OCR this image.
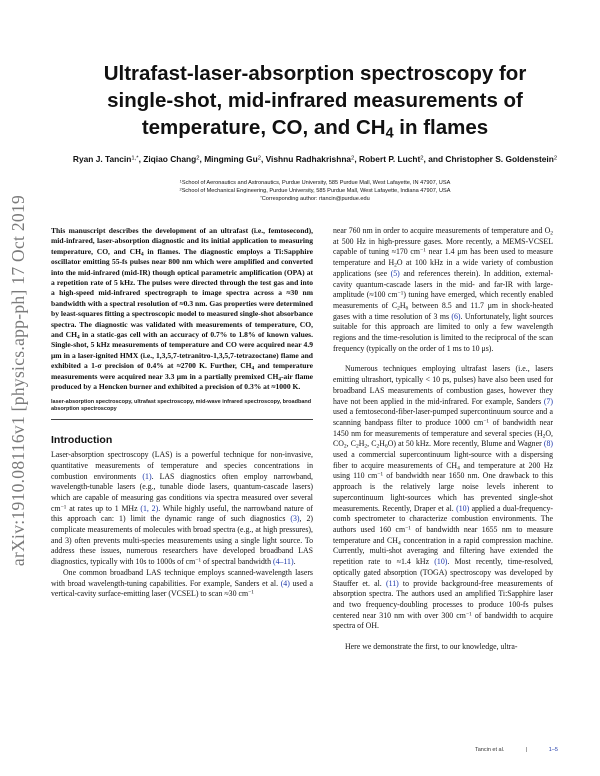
arXiv:1910.08116v1 [physics.app-ph] 17 Oct 2019
Ultrafast-laser-absorption spectroscopy for
single-shot, mid-infrared measurements of
temperature, CO, and $CH_4$ in flames
Ryan J. Tancin$^{1,*}$, Ziqiao Chang$^2$, Mingming Gu$^2$, Vishnu Radhakrishna$^2$, Robert P. Lucht$^2$, and Christopher S. Goldenstein$^2$
$^1$School of Aeronautics and Astronautics, Purdue University, 585 Purdue Mall, West Lafayette, IN 47907, USA
$^2$School of Mechanical Engineering, Purdue University, 585 Purdue Mall, West Lafayette, Indiana 47907, USA
*Corresponding author: rtancin@purdue.edu

This manuscript describes the development of an ultrafast (i.e., femtosecond), mid-infrared, laser-absorption diagnostic and its initial application to measuring temperature, CO, and $CH_4$ in flames. The diagnostic employs a Ti:Sapphire oscillator emitting 55-fs pulses near 800 nm which were amplified and converted into the mid-infrared (mid-IR) though optical parametric amplification (OPA) at a repetition rate of 5 kHz. The pulses were directed through the test gas and into a high-speed mid-infrared spectrograph to image spectra across a ≈30 nm bandwidth with a spectral resolution of ≈0.3 nm. Gas properties were determined by least-squares fitting a spectroscopic model to measured single-shot absorbance spectra. The diagnostic was validated with measurements of temperature, CO, and $CH_4$ in a static-gas cell with an accuracy of 0.7% to 1.8% of known values. Single-shot, 5 kHz measurements of temperature and CO were acquired near 4.9 μm in a laser-ignited HMX (i.e., 1,3,5,7-tetranitro-1,3,5,7-tetrazoctane) flame and exhibited a 1-σ precision of 0.4% at ≈2700 K. Further, $CH_4$ and temperature measurements were acquired near 3.3 μm in a partially premixed $CH_4$-air flame produced by a Hencken burner and exhibited a precision of 0.3% at ≈1000 K.

laser-absorption spectroscopy, ultrafast spectroscopy, mid-wave infrared spectroscopy, broadband absorption spectroscopy

Introduction

Laser-absorption spectroscopy (LAS) is a powerful technique for non-invasive, quantitative measurements of temperature and species concentrations in combustion environments (1). LAS diagnostics often employ narrowband, wavelength-tunable lasers (e.g., tunable diode lasers, quantum-cascade lasers) which are capable of measuring gas conditions via spectra measured over several $cm^{-1}$ at rates up to 1 MHz (1, 2). While highly useful, the narrowband nature of this approach can: 1) limit the dynamic range of such diagnostics (3), 2) complicate measurements of molecules with broad spectra (e.g., at high pressures), and 3) often prevents multi-species measurements using a single light source. To address these issues, numerous researchers have developed broadband LAS diagnostics, typically with 10s to 1000s of $cm^{-1}$ of spectral bandwidth (4–11).

One common broadband LAS technique employs scanned-wavelength lasers with broad wavelength-tuning capabilities. For example, Sanders et al. (4) used a vertical-cavity surface-emitting laser (VCSEL) to scan ≈30 $cm^{-1}$

near 760 nm in order to acquire measurements of temperature and $O_2$ at 500 Hz in high-pressure gases. More recently, a MEMS-VCSEL capable of tuning ≈170 $cm^{-1}$ near 1.4 μm has been used to measure temperature and $H_2O$ at 100 kHz in a wide variety of combustion applications (see (5) and references therein). In addition, external-cavity quantum-cascade lasers in the mid- and far-IR with large-amplitude (≈100 $cm^{-1}$) tuning have emerged, which recently enabled measurements of $C_2H_6$ between 8.5 and 11.7 μm in shock-heated gases with a time resolution of 3 ms (6). Unfortunately, light sources suitable for this approach are limited to only a few wavelength regions and the time-resolution is limited to the reciprocal of the scan frequency (typically on the order of 1 ms to 10 μs).

Numerous techniques employing ultrafast lasers (i.e., lasers emitting ultrashort, typically < 10 ps, pulses) have also been used for broadband LAS measurements of combustion gases, however they have not been applied in the mid-infrared. For example, Sanders (7) used a femtosecond-fiber-laser-pumped supercontinuum source and a scanning bandpass filter to produce 1000 $cm^{-1}$ of bandwidth near 1450 nm for measurements of temperature and several species ($H_2O$, $CO_2$, $C_2H_2$, $C_2H_6O$) at 50 kHz. More recently, Blume and Wagner (8) used a commercial supercontinuum light-source with a dispersing fiber to acquire measurements of $CH_4$ and temperature at 200 Hz using 110 $cm^{-1}$ of bandwidth near 1650 nm. One drawback to this approach is the relatively large noise levels inherent to supercontinuum light-sources which has prevented single-shot measurements. Recently, Draper et al. (10) applied a dual-frequency-comb spectrometer to characterize combustion environments. The authors used 160 $cm^{-1}$ of bandwidth near 1655 nm to measure temperature and $CH_4$ concentration in a rapid compression machine. Currently, multi-shot averaging and filtering have extended the repetition rate to ≈1.4 kHz (10). Most recently, time-resolved, optically gated absorption (TOGA) spectroscopy was developed by Stauffer et. al. (11) to provide background-free measurements of absorption spectra. The authors used an amplified Ti:Sapphire laser and two frequency-doubling processes to produce 100-fs pulses centered near 310 nm with over 300 $cm^{-1}$ of bandwidth to acquire spectra of OH.

Here we demonstrate the first, to our knowledge, ultra-

Tancin et al.	|	1–5
